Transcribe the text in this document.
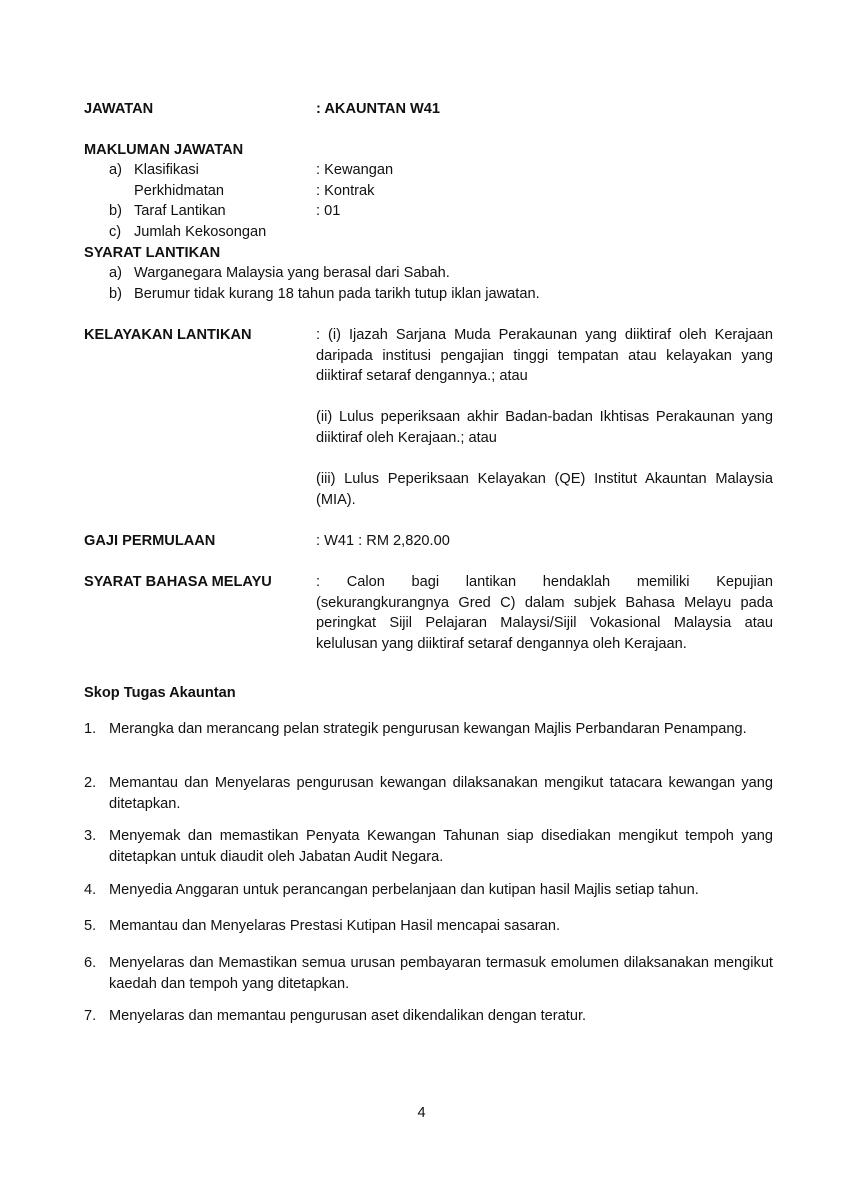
JAWATAN	: AKAUNTAN W41
MAKLUMAN JAWATAN
a) Klasifikasi	: Kewangan
Perkhidmatan	: Kontrak
b) Taraf Lantikan	: 01
c) Jumlah Kekosongan
SYARAT LANTIKAN
a) Warganegara Malaysia yang berasal dari Sabah.
b) Berumur tidak kurang 18 tahun pada tarikh tutup iklan jawatan.
KELAYAKAN LANTIKAN	: (i) Ijazah Sarjana Muda Perakaunan yang diiktiraf oleh Kerajaan daripada institusi pengajian tinggi tempatan atau kelayakan yang diiktiraf setaraf dengannya.; atau
(ii) Lulus peperiksaan akhir Badan-badan Ikhtisas Perakaunan yang diiktiraf oleh Kerajaan.; atau
(iii) Lulus Peperiksaan Kelayakan (QE) Institut Akauntan Malaysia (MIA).
GAJI PERMULAAN	: W41 : RM 2,820.00
SYARAT BAHASA MELAYU	: Calon bagi lantikan hendaklah memiliki Kepujian (sekurangkurangnya Gred C) dalam subjek Bahasa Melayu pada peringkat Sijil Pelajaran Malaysi/Sijil Vokasional Malaysia atau kelulusan yang diiktiraf setaraf dengannya oleh Kerajaan.
Skop Tugas Akauntan
1. Merangka dan merancang pelan strategik pengurusan kewangan Majlis Perbandaran Penampang.
2. Memantau dan Menyelaras pengurusan kewangan dilaksanakan mengikut tatacara kewangan yang ditetapkan.
3. Menyemak dan memastikan Penyata Kewangan Tahunan siap disediakan mengikut tempoh yang ditetapkan untuk diaudit oleh Jabatan Audit Negara.
4. Menyedia Anggaran untuk perancangan perbelanjaan dan kutipan hasil Majlis setiap tahun.
5. Memantau dan Menyelaras Prestasi Kutipan Hasil mencapai sasaran.
6. Menyelaras dan Memastikan semua urusan pembayaran termasuk emolumen dilaksanakan mengikut kaedah dan tempoh yang ditetapkan.
7. Menyelaras dan memantau pengurusan aset dikendalikan dengan teratur.
4
